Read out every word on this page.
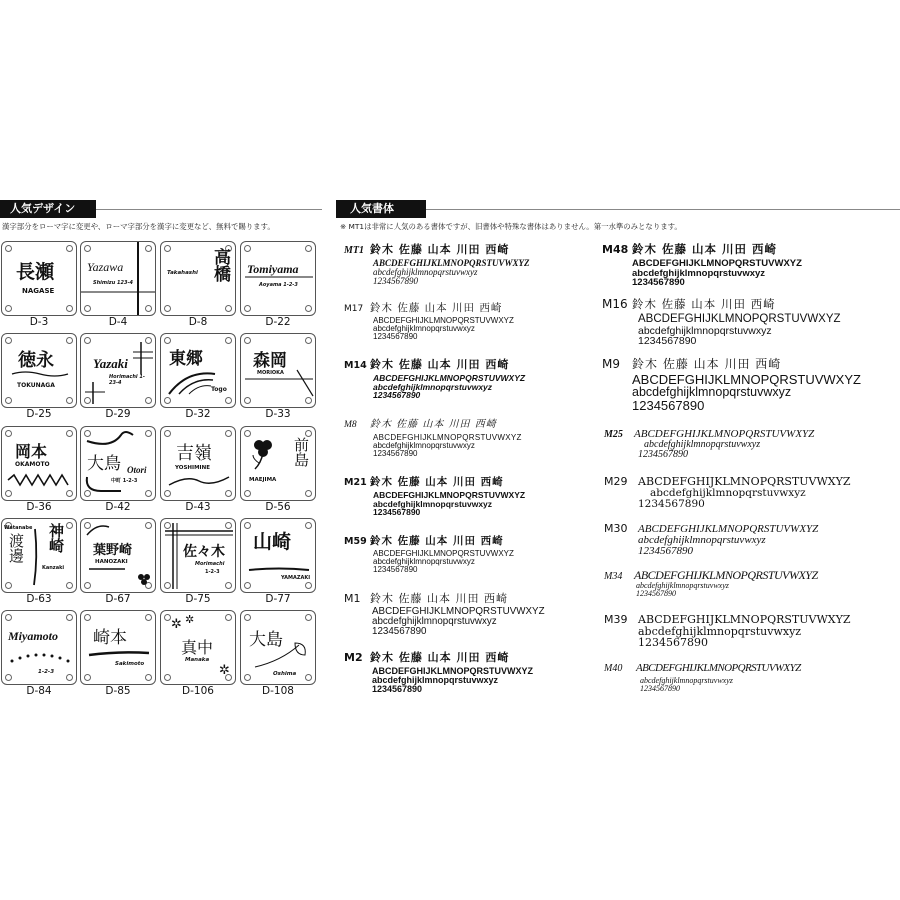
人気デザイン	人気書体
漢字部分をローマ字に変更や、ローマ字部分を漢字に変更など、無料で賜ります。	※ MT1は非常に人気のある書体ですが、旧書体や特殊な書体はありません。第一水準のみとなります。
長瀬
NAGASE
D-3
Yazawa
Shimizu 123-4
D-4
高橋
Takahashi
D-8
Tomiyama
Aoyama 1-2-3
D-22
徳永
TOKUNAGA
D-25
Yazaki
Horimachi 1-23-4
D-29
東郷
Togo
D-32
森岡
MORIOKA
D-33
岡本
OKAMOTO
D-36
大鳥 Otori
中町 1-2-3
D-42
吉嶺
YOSHIMINE
D-43
前島
MAEJIMA
D-56
Watanabe
渡邊 神崎
Kanzaki
D-63
葉野崎
HANOZAKI
D-67
佐々木
Morimachi
1-2-3
D-75
山崎
YAMAZAKI
D-77
Miyamoto
1-2-3
D-84
崎本
Sakimoto
D-85
✲ ✲
✲
真中
Manaka
D-106
大島
Oshima
D-108
MT1 鈴木 佐藤 山本 川田 西崎
ABCDEFGHIJKLMNOPQRSTUVWXYZ
abcdefghijklmnopqrstuvwxyz
1234567890
M17 鈴木 佐藤 山本 川田 西崎
ABCDEFGHIJKLMNOPQRSTUVWXYZ
abcdefghijklmnopqrstuvwxyz
1234567890
M14 鈴木 佐藤 山本 川田 西崎
ABCDEFGHIJKLMNOPQRSTUVWXYZ
abcdefghijklmnopqrstuvwxyz
1234567890
M8 鈴木 佐藤 山本 川田 西崎
ABCDEFGHIJKLMNOPQRSTUVWXYZ
abcdefghijklmnopqrstuvwxyz
1234567890
M21 鈴木 佐藤 山本 川田 西崎
ABCDEFGHIJKLMNOPQRSTUVWXYZ
abcdefghijklmnopqrstuvwxyz
1234567890
M59 鈴木 佐藤 山本 川田 西崎
ABCDEFGHIJKLMNOPQRSTUVWXYZ
abcdefghijklmnopqrstuvwxyz
1234567890
M1 鈴木 佐藤 山本 川田 西崎
ABCDEFGHIJKLMNOPQRSTUVWXYZ
abcdefghijklmnopqrstuvwxyz
1234567890
M2 鈴木 佐藤 山本 川田 西崎
ABCDEFGHIJKLMNOPQRSTUVWXYZ
abcdefghijklmnopqrstuvwxyz
1234567890
M48 鈴木 佐藤 山本 川田 西崎
ABCDEFGHIJKLMNOPQRSTUVWXYZ
abcdefghijklmnopqrstuvwxyz
1234567890
M16 鈴木 佐藤 山本 川田 西崎
ABCDEFGHIJKLMNOPQRSTUVWXYZ
abcdefghijklmnopqrstuvwxyz
1234567890
M9 鈴木 佐藤 山本 川田 西崎
ABCDEFGHIJKLMNOPQRSTUVWXYZ
abcdefghijklmnopqrstuvwxyz
1234567890
M25 ABCDEFGHIJKLMNOPQRSTUVWXYZ
abcdefghijklmnopqrstuvwxyz
1234567890
M29 ABCDEFGHIJKLMNOPQRSTUVWXYZ
abcdefghijklmnopqrstuvwxyz
1234567890
M30 ABCDEFGHIJKLMNOPQRSTUVWXYZ
abcdefghijklmnopqrstuvwxyz
1234567890
M34 ABCDEFGHIJKLMNOPQRSTUVWXYZ
abcdefghijklmnopqrstuvwxyz
1234567890
M39 ABCDEFGHIJKLMNOPQRSTUVWXYZ
abcdefghijklmnopqrstuvwxyz
1234567890
M40 ABCDEFGHIJKLMNOPQRSTUVWXYZ
abcdefghijklmnopqrstuvwxyz
1234567890
